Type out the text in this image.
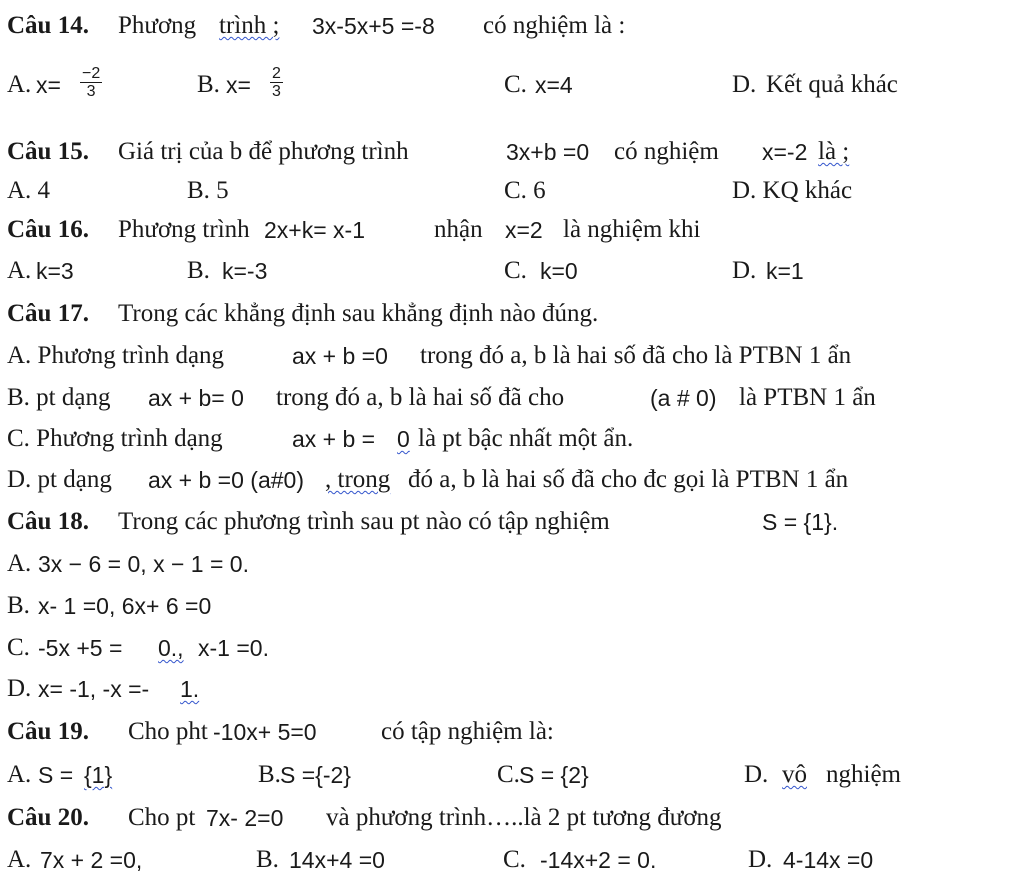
Câu 14. Phương trình ; 3x-5x+5 =-8 có nghiệm là :
A. $x= \frac{-2}{3}$	B. $x= \frac{2}{3}$	C. x=4	D. Kết quả khác
Câu 15. Giá trị của b để phương trình	3x+b =0 có nghiệm x=-2 là ;
A. 4	B. 5	C. 6	D. KQ khác
Câu 16. Phương trình 2x+k= x-1	nhận x=2 là nghiệm khi
A. k=3	B. k=-3	C. k=0	D. k=1
Câu 17. Trong các khẳng định sau khẳng định nào đúng.
A. Phương trình dạng	ax + b =0 trong đó a, b là hai số đã cho là PTBN 1 ẩn
B. pt dạng ax + b= 0 trong đó a, b là hai số đã cho	(a # 0) là PTBN 1 ẩn
C. Phương trình dạng	ax + b = 0 là pt bậc nhất một ẩn.
D. pt dạng ax + b =0 (a#0) , trong đó a, b là hai số đã cho đc gọi là PTBN 1 ẩn
Câu 18. Trong các phương trình sau pt nào có tập nghiệm	S = {1}.
A. 3x − 6 = 0, x − 1 = 0.
B. x- 1 =0, 6x+ 6 =0
C. -5x +5 = 0., x-1 =0.
D. x= -1, -x =- 1.
Câu 19. Cho pht -10x+ 5=0	có tập nghiệm là:
A. S = {1}	B. S ={-2}	C. S = {2}	D. vô nghiệm
Câu 20. Cho pt 7x- 2=0 và phương trình…..là 2 pt tương đương
A. 7x + 2 =0,	B. 14x+4 =0	C. -14x+2 = 0.	D. 4-14x =0
